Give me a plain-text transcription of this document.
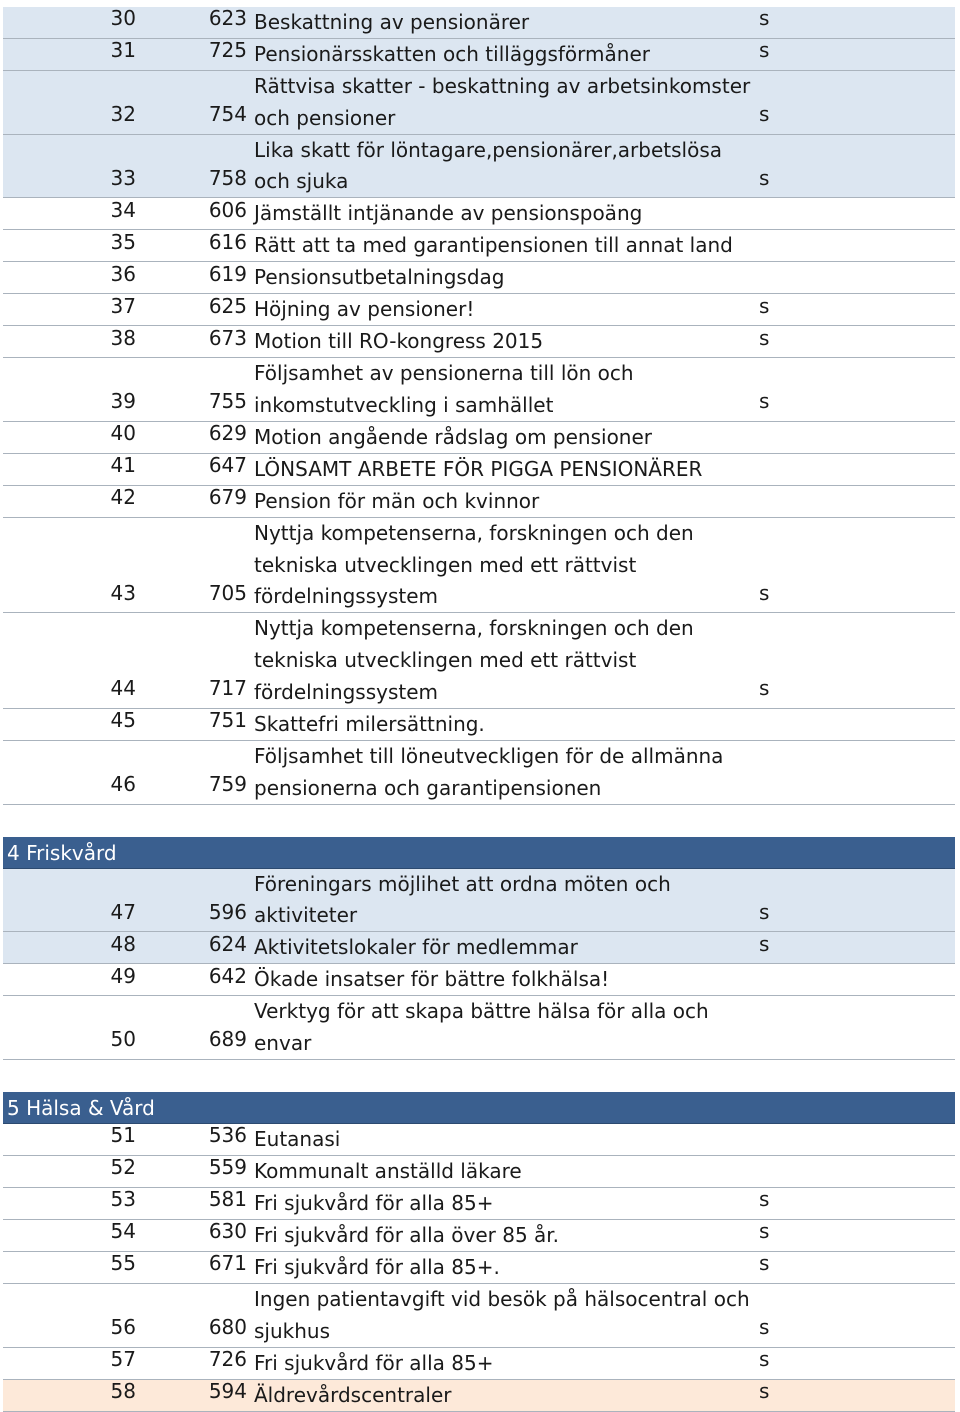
30	623 Beskattning av pensionärer	s
31	725 Pensionärsskatten och tilläggsförmåner	s
32	754
Rättvisa skatter - beskattning av arbetsinkomster
och pensioner	s
33	758
Lika skatt för löntagare,pensionärer,arbetslösa
och sjuka	s
34	606 Jämställt intjänande av pensionspoäng
35	616 Rätt att ta med garantipensionen till annat land
36	619 Pensionsutbetalningsdag
37	625 Höjning av pensioner!	s
38	673 Motion till RO-kongress 2015	s
39	755
Följsamhet av pensionerna till lön och
inkomstutveckling i samhället	s
40	629 Motion angående rådslag om pensioner
41	647 LÖNSAMT ARBETE FÖR PIGGA PENSIONÄRER
42	679 Pension för män och kvinnor
43	705
Nyttja kompetenserna, forskningen och den
tekniska utvecklingen med ett rättvist
fördelningssystem	s
44	717
Nyttja kompetenserna, forskningen och den
tekniska utvecklingen med ett rättvist
fördelningssystem	s
45	751 Skattefri milersättning.
46	759
Följsamhet till löneutveckligen för de allmänna
pensionerna och garantipensionen
4 Friskvård
47	596
Föreningars möjlihet att ordna möten och
aktiviteter	s
48	624 Aktivitetslokaler för medlemmar	s
49	642 Ökade insatser för bättre folkhälsa!
50	689
Verktyg för att skapa bättre hälsa för alla och
envar
5 Hälsa & Vård
51	536 Eutanasi
52	559 Kommunalt anställd läkare
53	581 Fri sjukvård för alla 85+	s
54	630 Fri sjukvård för alla över 85 år.	s
55	671 Fri sjukvård för alla 85+.	s
56	680
Ingen patientavgift vid besök på hälsocentral och
sjukhus	s
57	726 Fri sjukvård för alla 85+	s
58	594 Äldrevårdscentraler	s
